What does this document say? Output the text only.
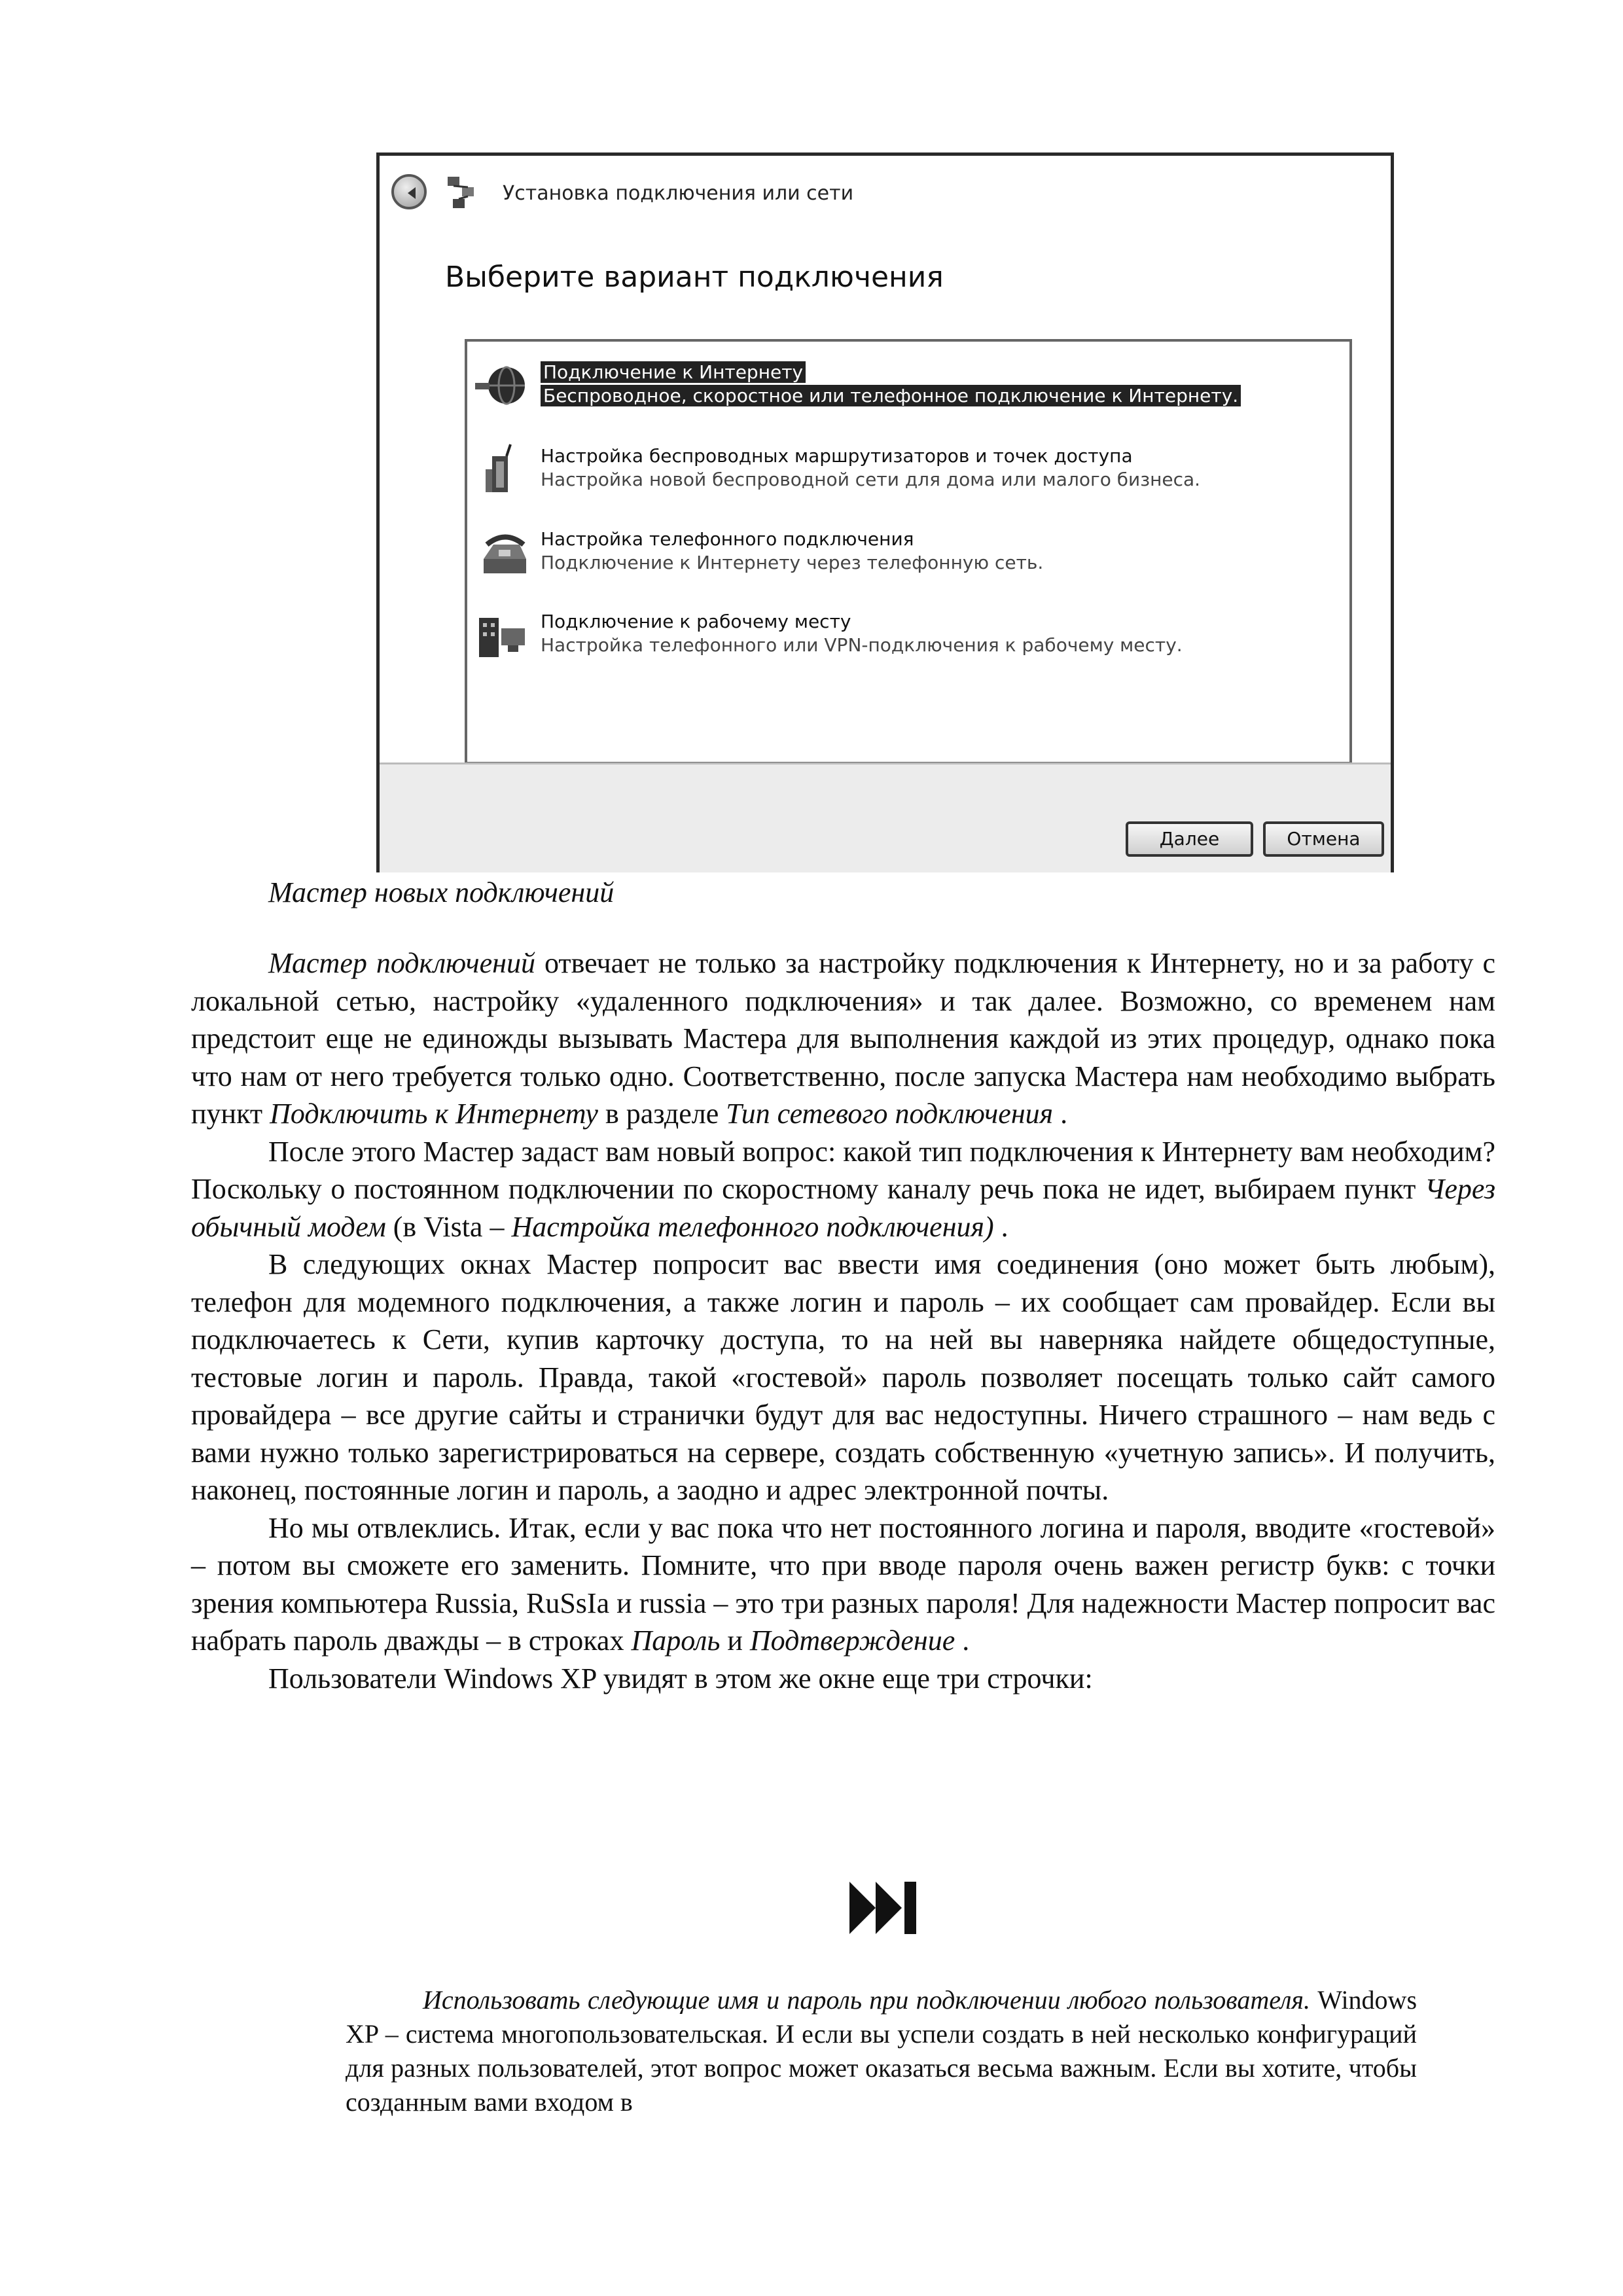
Установка подключения или сети
Выберите вариант подключения
Подключение к Интернету
Беспроводное, скоростное или телефонное подключение к Интернету.
Настройка беспроводных маршрутизаторов и точек доступа
Настройка новой беспроводной сети для дома или малого бизнеса.
Настройка телефонного подключения
Подключение к Интернету через телефонную сеть.
Подключение к рабочему месту
Настройка телефонного или VPN-подключения к рабочему месту.
Далее	Отмена
Мастер новых подключений

Мастер подключений отвечает не только за настройку подключения к Интернету, но и за работу с локальной сетью, настройку «удаленного подключения» и так далее. Возможно, со временем нам предстоит еще не единожды вызывать Мастера для выполнения каждой из этих процедур, однако пока что нам от него требуется только одно. Соответственно, после запуска Мастера нам необходимо выбрать пункт Подключить к Интернету в разделе Тип сетевого подключения .

После этого Мастер задаст вам новый вопрос: какой тип подключения к Интернету вам необходим? Поскольку о постоянном подключении по скоростному каналу речь пока не идет, выбираем пункт Через обычный модем (в Vista – Настройка телефонного подключения) .

В следующих окнах Мастер попросит вас ввести имя соединения (оно может быть любым), телефон для модемного подключения, а также логин и пароль – их сообщает сам провайдер. Если вы подключаетесь к Сети, купив карточку доступа, то на ней вы наверняка найдете общедоступные, тестовые логин и пароль. Правда, такой «гостевой» пароль позволяет посещать только сайт самого провайдера – все другие сайты и странички будут для вас недоступны. Ничего страшного – нам ведь с вами нужно только зарегистрироваться на сервере, создать собственную «учетную запись». И получить, наконец, постоянные логин и пароль, а заодно и адрес электронной почты.

Но мы отвлеклись. Итак, если у вас пока что нет постоянного логина и пароля, вводите «гостевой» – потом вы сможете его заменить. Помните, что при вводе пароля очень важен регистр букв: с точки зрения компьютера Russia, RuSsIa и russia – это три разных пароля! Для надежности Мастер попросит вас набрать пароль дважды – в строках Пароль и Подтверждение .

Пользователи Windows XP увидят в этом же окне еще три строчки:

Использовать следующие имя и пароль при подключении любого пользователя. Windows XP – система многопользовательская. И если вы успели создать в ней несколько конфигураций для разных пользователей, этот вопрос может оказаться весьма важным. Если вы хотите, чтобы созданным вами входом в
